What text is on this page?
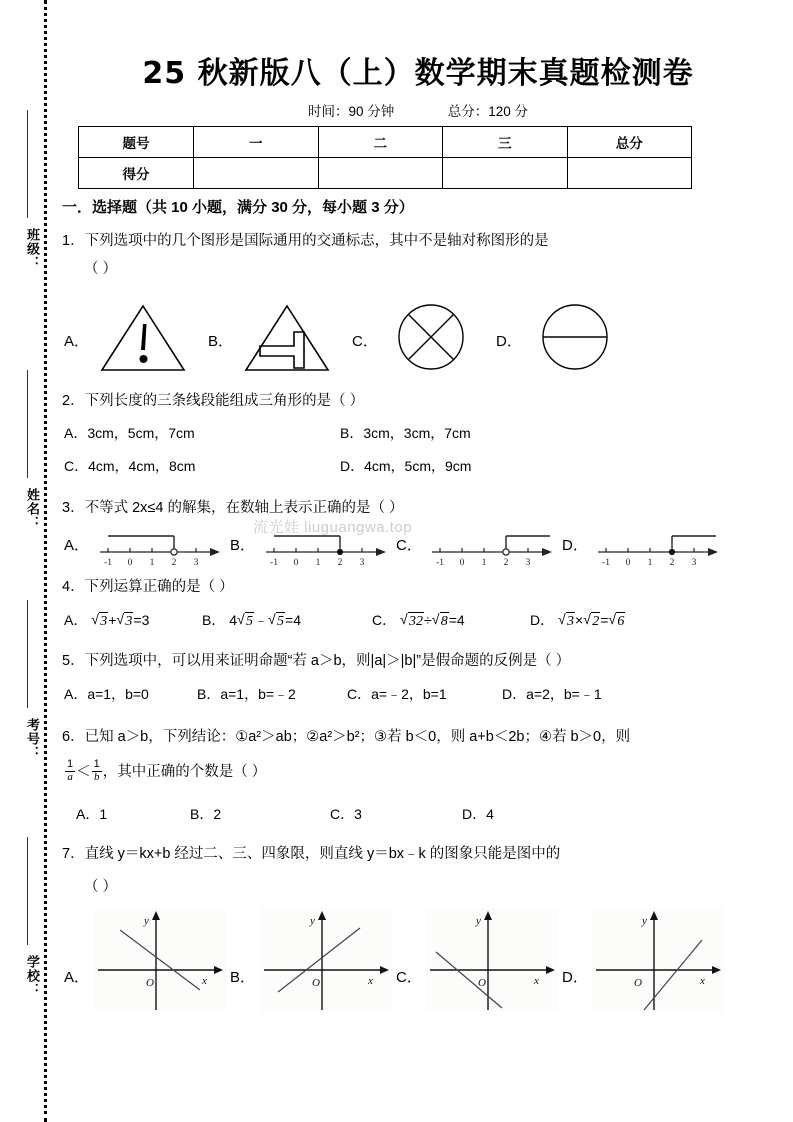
班级：
姓名：
考号：
学校：
25 秋新版八（上）数学期末真题检测卷
时间：90 分钟	总分：120 分
题号	一	二	三	总分
得分				
一．选择题（共 10 小题，满分 30 分，每小题 3 分）
1．下列选项中的几个图形是国际通用的交通标志，其中不是轴对称图形的是
（ ）
A．	B．	C．	D．
2．下列长度的三条线段能组成三角形的是（ ）
A．3cm，5cm，7cm	B．3cm，3cm，7cm
C．4cm，4cm，8cm	D．4cm，5cm，9cm
3．不等式 2x≤4 的解集，在数轴上表示正确的是（ ）
A．
-1 0 1 2 3
B．
-1 0 1 2 3
C．
-1 0 1 2 3
D．
-1 0 1 2 3
4．下列运算正确的是（ ）
A． √ 3+ √ 3=3	B． 4 √ 5﹣ √ 5=4	C． √ 32÷ √ 8=4	D． √ 3× √ 2= √ 6
5．下列选项中，可以用来证明命题“若 a＞b，则|a|＞|b|”是假命题的反例是（ ）
A．a=1，b=0	B．a=1，b=﹣2	C．a=﹣2，b=1	D．a=2，b=﹣1
6．已知 a＞b，下列结论：①a²＞ab；②a²＞b²；③若 b＜0，则 a+b＜2b；④若 b＞0，则
$\frac{1}{a} < \frac{1}{b}$ ，其中正确的个数是（ ）
A．1	B．2	C．3	D．4
7．直线 y＝kx+b 经过二、三、四象限，则直线 y＝bx﹣k 的图象只能是图中的
（ ）
A．	O	x
y
B．	O	x
y
C．	O	x
y
D．	O	x
y
流光娃 liuguangwa.top
